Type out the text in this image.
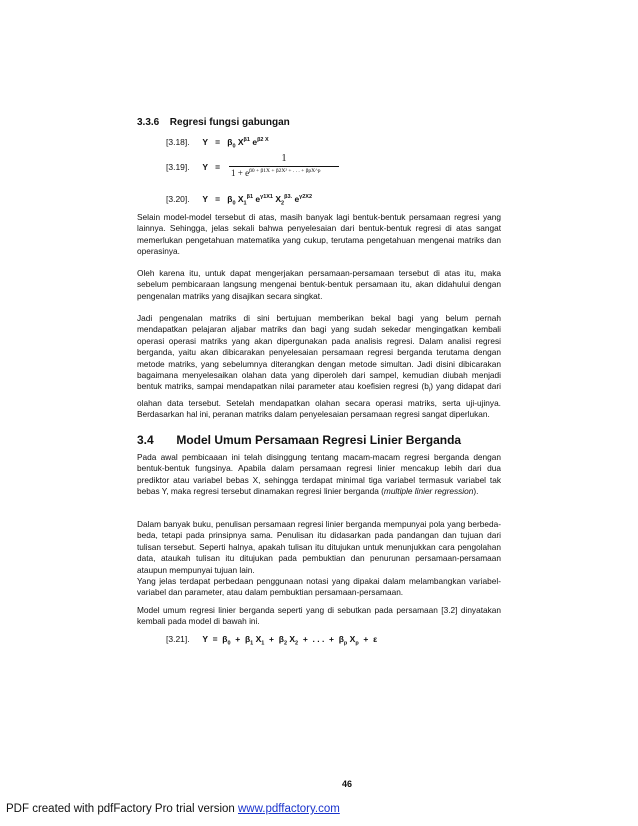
3.3.6 Regresi fungsi gabungan
[3.18]. $Y = \beta_0$ $X^{\beta 1}$ $e^{\beta 2 X}$
[3.19]. Y =
1
$1 + e^{\beta 0 + \beta 1X + \beta 2X^2 + . . . + \beta pX\^{}p}$
[3.20]. $Y = \beta_0$ $X_1^{\beta 1}$ $e^{\gamma 1X1}$ $X_2^{\beta 3.}$ $e^{\gamma 2X2}$

Selain model-model tersebut di atas, masih banyak lagi bentuk-bentuk persamaan regresi yang lainnya. Sehingga, jelas sekali bahwa penyelesaian dari bentuk-bentuk regresi di atas sangat memerlukan pengetahuan matematika yang cukup, terutama pengetahuan mengenai matriks dan operasinya.

Oleh karena itu, untuk dapat mengerjakan persamaan-persamaan tersebut di atas itu, maka sebelum pembicaraan langsung mengenai bentuk-bentuk persamaan itu, akan didahului dengan pengenalan matriks yang disajikan secara singkat.

Jadi pengenalan matriks di sini bertujuan memberikan bekal bagi yang belum pernah mendapatkan pelajaran aljabar matriks dan bagi yang sudah sekedar mengingatkan kembali operasi operasi matriks yang akan dipergunakan pada analisis regresi. Dalam analisi regresi berganda, yaitu akan dibicarakan penyelesaian persamaan regresi berganda terutama dengan metode matriks, yang sebelumnya diterangkan dengan metode simultan. Jadi disini dibicarakan bagaimana menyelesaikan olahan data yang diperoleh dari sampel, kemudian diubah menjadi bentuk matriks, sampai mendapatkan nilai parameter atau koefisien regresi $(b_i)$ yang didapat dari olahan data tersebut. Setelah mendapatkan olahan secara operasi matriks, serta uji-ujinya. Berdasarkan hal ini, peranan matriks dalam penyelesaian persamaan regresi sangat diperlukan.

3.4 Model Umum Persamaan Regresi Linier Berganda

Pada awal pembicaaan ini telah disinggung tentang macam-macam regresi berganda dengan bentuk-bentuk fungsinya. Apabila dalam persamaan regresi linier mencakup lebih dari dua prediktor atau variabel bebas X, sehingga terdapat minimal tiga variabel termasuk variabel tak bebas Y, maka regresi tersebut dinamakan regresi linier berganda (multiple linier regression).

Dalam banyak buku, penulisan persamaan regresi linier berganda mempunyai pola yang berbeda-beda, tetapi pada prinsipnya sama. Penulisan itu didasarkan pada pandangan dan tujuan dari tulisan tersebut. Seperti halnya, apakah tulisan itu ditujukan untuk menunjukkan cara pengolahan data, ataukah tulisan itu ditujukan pada pembuktian dan penurunan persamaan-persamaan ataupun mempunyai tujuan lain.

Yang jelas terdapat perbedaan penggunaan notasi yang dipakai dalam melambangkan variabel-variabel dan parameter, atau dalam pembuktian persamaan-persamaan.

Model umum regresi linier berganda seperti yang di sebutkan pada persamaan [3.2] dinyatakan kembali pada model di bawah ini.

[3.21]. $Y = \beta_0 + \beta_1$ $X_1 + \beta_2$ $X_2$  +  . . .  +  $\beta_p$ $X_p + \varepsilon$
46
PDF created with pdfFactory Pro trial version www.pdffactory.com
